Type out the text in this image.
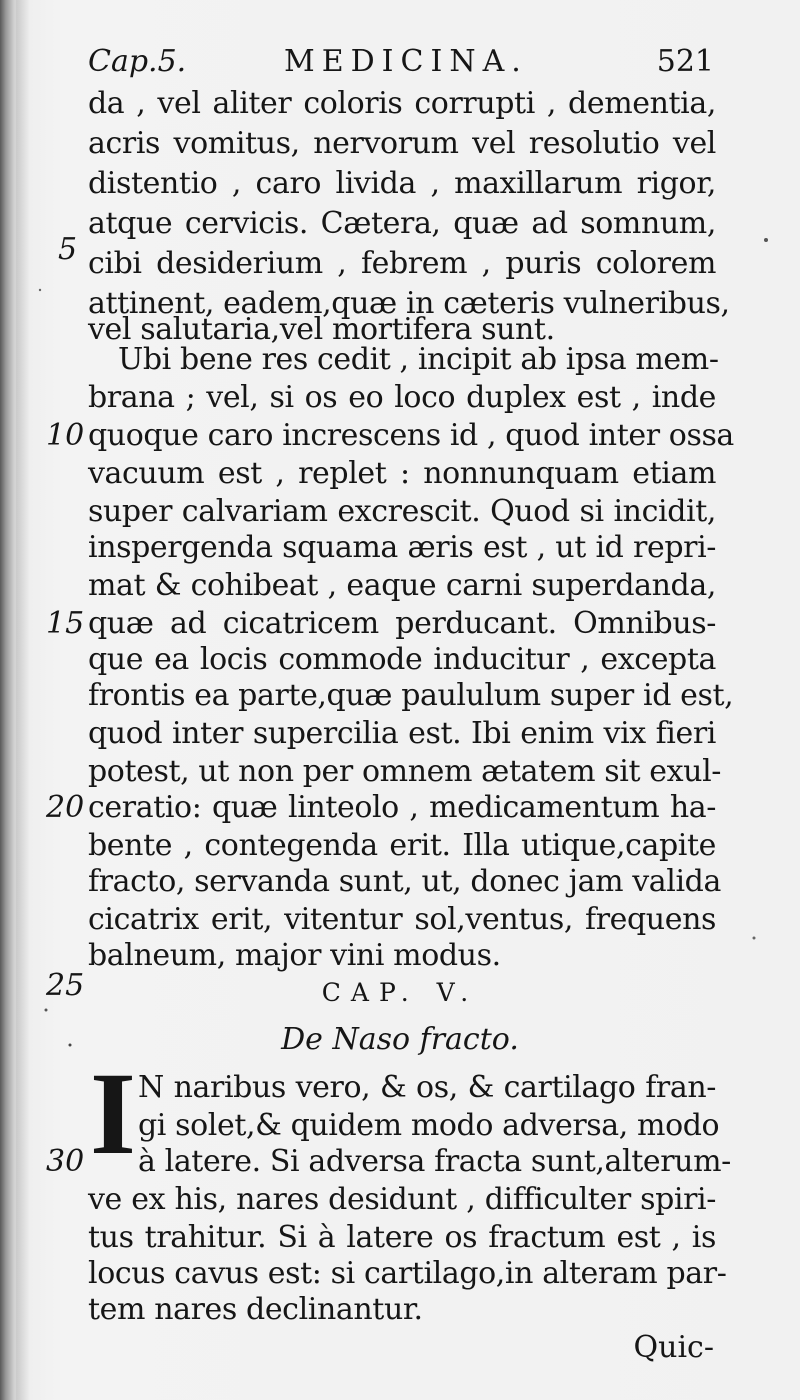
Cap.5.	MEDICINA.	521
da , vel aliter coloris corrupti , dementia,
acris vomitus, nervorum vel resolutio vel
distentio , caro livida , maxillarum rigor,
atque cervicis. Cætera, quæ ad somnum,
5 cibi desiderium , febrem , puris colorem
attinent, eadem,quæ in cæteris vulneribus,
vel salutaria,vel mortifera sunt.
Ubi bene res cedit , incipit ab ipsa mem-
brana ; vel, si os eo loco duplex est , inde
10 quoque caro increscens id , quod inter ossa
vacuum est , replet : nonnunquam etiam
super calvariam excrescit. Quod si incidit,
inspergenda squama æris est , ut id repri-
mat & cohibeat , eaque carni superdanda,
15 quæ ad cicatricem perducant. Omnibus-
que ea locis commode inducitur , excepta
frontis ea parte,quæ paululum super id est,
quod inter supercilia est. Ibi enim vix fieri
potest, ut non per omnem ætatem sit exul-
20 ceratio: quæ linteolo , medicamentum ha-
bente , contegenda erit. Illa utique,capite
fracto, servanda sunt, ut, donec jam valida
cicatrix erit, vitentur sol,ventus, frequens
balneum, major vini modus.
25	CAP. V.
De Naso fracto.
I N naribus vero, & os, & cartilago fran-
gi solet,& quidem modo adversa, modo
30 à latere. Si adversa fracta sunt,alterum-
ve ex his, nares desidunt , difficulter spiri-
tus trahitur. Si à latere os fractum est , is
locus cavus est: si cartilago,in alteram par-
tem nares declinantur.
Quic-
